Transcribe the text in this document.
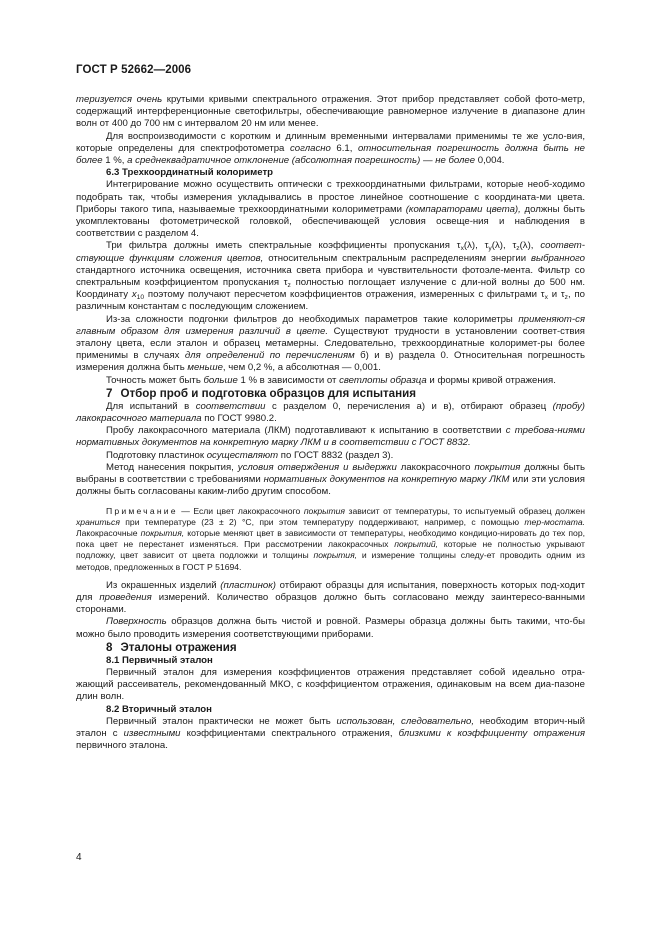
ГОСТ Р 52662—2006

теризуется очень крутыми кривыми спектрального отражения. Этот прибор представляет собой фото-метр, содержащий интерференционные светофильтры, обеспечивающие равномерное излучение в диапазоне длин волн от 400 до 700 нм с интервалом 20 нм или менее.

Для воспроизводимости с коротким и длинным временными интервалами применимы те же усло-вия, которые определены для спектрофотометра согласно 6.1, относительная погрешность должна быть не более 1 %, а среднеквадратичное отклонение (абсолютная погрешность) — не более 0,004.

6.3 Трехкоординатный колориметр

Интегрирование можно осуществить оптически с трехкоординатными фильтрами, которые необ-ходимо подобрать так, чтобы измерения укладывались в простое линейное соотношение с координата-ми цвета. Приборы такого типа, называемые трехкоординатными колориметрами (компараторами цвета), должны быть укомплектованы фотометрической головкой, обеспечивающей условия освеще-ния и наблюдения в соответствии с разделом 4.

Три фильтра должны иметь спектральные коэффициенты пропускания $\tau_x(\lambda)$, $\tau_y(\lambda)$, $\tau_z(\lambda)$, соответ-ствующие функциям сложения цветов, относительным спектральным распределениям энергии выбранного стандартного источника освещения, источника света прибора и чувствительности фотоэле-мента. Фильтр со спектральным коэффициентом пропускания $\tau_z$ полностью поглощает излучение с дли-ной волны до 500 нм. Координату $x_{10}$ поэтому получают пересчетом коэффициентов отражения, измеренных с фильтрами $\tau_x$ и $\tau_z$, по различным константам с последующим сложением.

Из-за сложности подгонки фильтров до необходимых параметров такие колориметры применяют-ся главным образом для измерения различий в цвете. Существуют трудности в установлении соответ-ствия эталону цвета, если эталон и образец метамерны. Следовательно, трехкоординатные колоримет-ры более применимы в случаях для определений по перечислениям б) и в) раздела 0. Относительная погрешность измерения должна быть меньше, чем 0,2 %, а абсолютная — 0,001.

Точность может быть больше 1 % в зависимости от светлоты образца и формы кривой отражения.

7 Отбор проб и подготовка образцов для испытания

Для испытаний в соответствии с разделом 0, перечисления а) и в), отбирают образец (пробу) лакокрасочного материала по ГОСТ 9980.2.

Пробу лакокрасочного материала (ЛКМ) подготавливают к испытанию в соответствии с требова-ниями нормативных документов на конкретную марку ЛКМ и в соответствии с ГОСТ 8832.

Подготовку пластинок осуществляют по ГОСТ 8832 (раздел 3).

Метод нанесения покрытия, условия отверждения и выдержки лакокрасочного покрытия должны быть выбраны в соответствии с требованиями нормативных документов на конкретную марку ЛКМ или эти условия должны быть согласованы каким-либо другим способом.

Примечание — Если цвет лакокрасочного покрытия зависит от температуры, то испытуемый образец должен храниться при температуре (23 ± 2) °С, при этом температуру поддерживают, например, с помощью тер-мостата. Лакокрасочные покрытия, которые меняют цвет в зависимости от температуры, необходимо кондицио-нировать до тех пор, пока цвет не перестанет изменяться. При рассмотрении лакокрасочных покрытий, которые не полностью укрывают подложку, цвет зависит от цвета подложки и толщины покрытия, и измерение толщины следу-ет проводить одним из методов, предложенных в ГОСТ Р 51694.

Из окрашенных изделий (пластинок) отбирают образцы для испытания, поверхность которых под-ходит для проведения измерений. Количество образцов должно быть согласовано между заинтересо-ванными сторонами.

Поверхность образцов должна быть чистой и ровной. Размеры образца должны быть такими, что-бы можно было проводить измерения соответствующими приборами.

8 Эталоны отражения

8.1 Первичный эталон

Первичный эталон для измерения коэффициентов отражения представляет собой идеально отра-жающий рассеиватель, рекомендованный МКО, с коэффициентом отражения, одинаковым на всем диа-пазоне длин волн.

8.2 Вторичный эталон

Первичный эталон практически не может быть использован, следовательно, необходим вторич-ный эталон с известными коэффициентами спектрального отражения, близкими к коэффициенту отражения первичного эталона.

4
